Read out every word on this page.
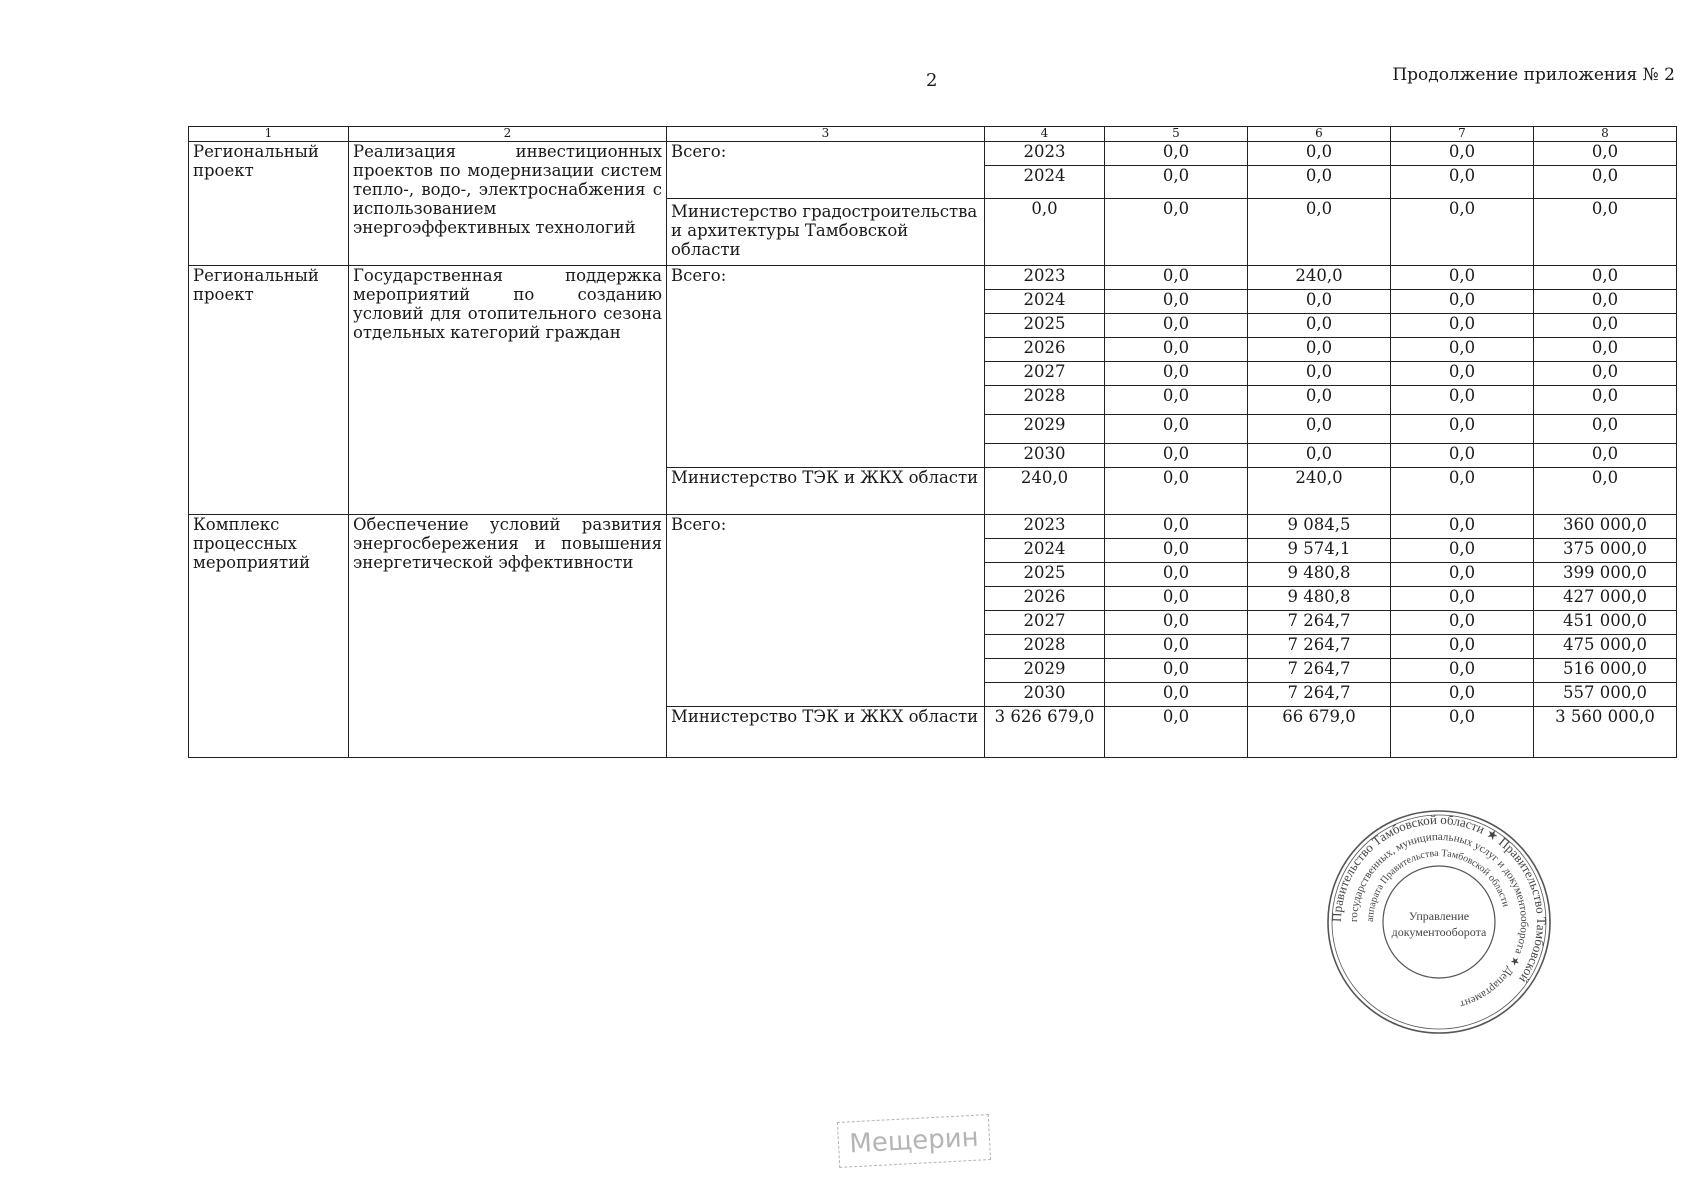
2	Продолжение приложения № 2
1	2	3	4	5	6	7	8
Региональный проект	Реализация инвестиционных проектов по модернизации систем тепло-, водо-, электроснабжения с использованием энергоэффективных технологий	Всего:	2023	0,0	0,0	0,0	0,0
			2024	0,0	0,0	0,0	0,0
		Министерство градостроительства и архитектуры Тамбовской области	0,0	0,0	0,0	0,0	0,0
Региональный проект	Государственная поддержка мероприятий по созданию условий для отопительного сезона отдельных категорий граждан	Всего:	2023	0,0	240,0	0,0	0,0
			2024	0,0	0,0	0,0	0,0
			2025	0,0	0,0	0,0	0,0
			2026	0,0	0,0	0,0	0,0
			2027	0,0	0,0	0,0	0,0
			2028	0,0	0,0	0,0	0,0
			2029	0,0	0,0	0,0	0,0
			2030	0,0	0,0	0,0	0,0
		Министерство ТЭК и ЖКХ области	240,0	0,0	240,0	0,0	0,0
Комплекс процессных мероприятий	Обеспечение условий развития энергосбережения и повышения энергетической эффективности	Всего:	2023	0,0	9 084,5	0,0	360 000,0
			2024	0,0	9 574,1	0,0	375 000,0
			2025	0,0	9 480,8	0,0	399 000,0
			2026	0,0	9 480,8	0,0	427 000,0
			2027	0,0	7 264,7	0,0	451 000,0
			2028	0,0	7 264,7	0,0	475 000,0
			2029	0,0	7 264,7	0,0	516 000,0
			2030	0,0	7 264,7	0,0	557 000,0
		Министерство ТЭК и ЖКХ области	3 626 679,0	0,0	66 679,0	0,0	3 560 000,0
Правительство Тамбовской области ★ Правительство Тамбовской
государственных, муниципальных услуг и документооборота ★ Департамент
аппарата Правительства Тамбовской области
Управление
документооборота
Мещерин
